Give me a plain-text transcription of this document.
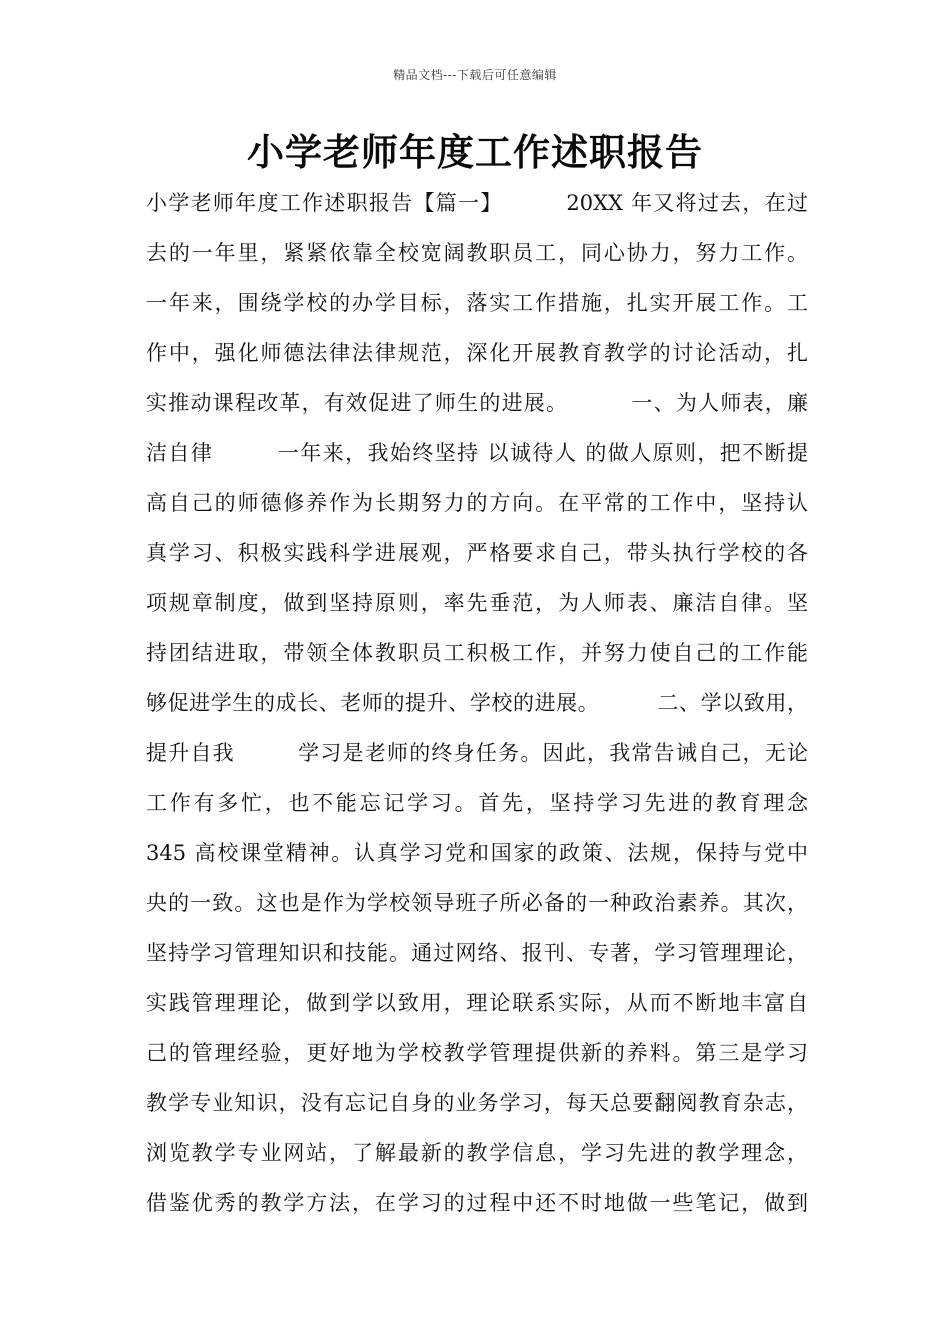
精品文档---下载后可任意编辑
小学老师年度工作述职报告
小学老师年度工作述职报告【篇一】        20XX 年又将过去，在过
去的一年里，紧紧依靠全校宽阔教职员工，同心协力，努力工作。
一年来，围绕学校的办学目标，落实工作措施，扎实开展工作。工
作中，强化师德法律法律规范，深化开展教育教学的讨论活动，扎
实推动课程改革，有效促进了师生的进展。        一、为人师表，廉
洁自律        一年来，我始终坚持 以诚待人 的做人原则，把不断提
高自己的师德修养作为长期努力的方向。在平常的工作中，坚持认
真学习、积极实践科学进展观，严格要求自己，带头执行学校的各
项规章制度，做到坚持原则，率先垂范，为人师表、廉洁自律。坚
持团结进取，带领全体教职员工积极工作，并努力使自己的工作能
够促进学生的成长、老师的提升、学校的进展。        二、学以致用，
提升自我        学习是老师的终身任务。因此，我常告诫自己，无论
工作有多忙，也不能忘记学习。首先，坚持学习先进的教育理念
345 高校课堂精神。认真学习党和国家的政策、法规，保持与党中
央的一致。这也是作为学校领导班子所必备的一种政治素养。其次，
坚持学习管理知识和技能。通过网络、报刊、专著，学习管理理论，
实践管理理论，做到学以致用，理论联系实际，从而不断地丰富自
己的管理经验，更好地为学校教学管理提供新的养料。第三是学习
教学专业知识，没有忘记自身的业务学习，每天总要翻阅教育杂志，
浏览教学专业网站，了解最新的教学信息，学习先进的教学理念，
借鉴优秀的教学方法，在学习的过程中还不时地做一些笔记，做到
